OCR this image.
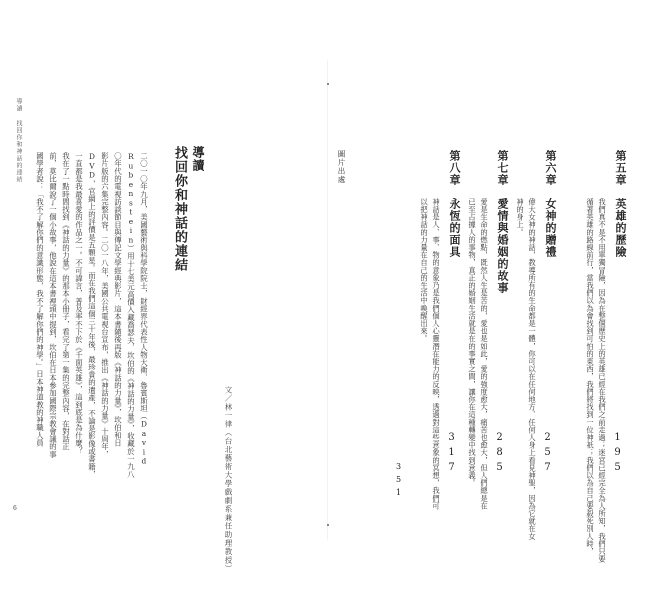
導讀 找回你和神話的連結
6
導讀
找回你和神話的連結
文／林一律（台北藝術大學戲劇系兼任助理教授）
二〇一〇年九月，美國藝術與科學院院士，財經界代表性人物大衛．魯賓斯坦（David
Rubenstein）用十七美元高價入藏喬瑟夫．坎伯的《神話的力量》，收藏於一九八
〇年代的電視訪談節目與傳記文學經典影片，這本書隨後再版《神話的力量》，坎伯和日
影片版的六集完整內容。二〇一八年，美國公共電視台宣布，推出《神話的力量》十周年，
DVD，官網上的評價是五顆星。而在我們這個三十年後，最珍貴的遺產，不論是影像或書籍，
一直都是我最喜愛的作品之一。不可諱言，普及率不下於《千面英雄》，這到底是為什麼？
我在了一點時間找到《神話的力量》的那本小冊子，看完了第一集的完整內容，在對話正
前，莫比爾說了一個小故事，他說在這本書裡頭中提到，坎伯在日本參加國際宗教會議的事
國學者說：「我不了解你們的意識形態，我不了解你們的神學。」日本神道教的神職人員	第五章
英雄的歷險
195
我們真不是不用單獨冒險，因為在整個歷史上的英雄已經在我們之前走過；迷宮已經完全為人所知，我們只要
循著英雄的路線前行，當我們以為會找到可怕的東西，我們將找到一位神祇；我們以為自己要殺死別人時，
第六章
女神的贈禮
257
偉大女神的神話，教導所有的生命都是一體，你可以在任何地方、任何人身上看見神聖，因為它就在女
神的身上。
第七章
愛情與婚姻的故事
285
愛是生命的燃點，既然人生是苦的，愛也是如此，愛的強度愈大，痛苦也愈大，但人們總是在
已至占據人的事物，真正的婚姻生活就是在的事實之間，讓你在這種轉變中找到意義。
第八章
永恆的面具
317
神話是人、事、物的意象乃是我們個人心靈潛在能力的反映，透過對這些意象的冥想，我們可
以把神話的力量在自己的生活中喚醒出來。
圖片出處
351
